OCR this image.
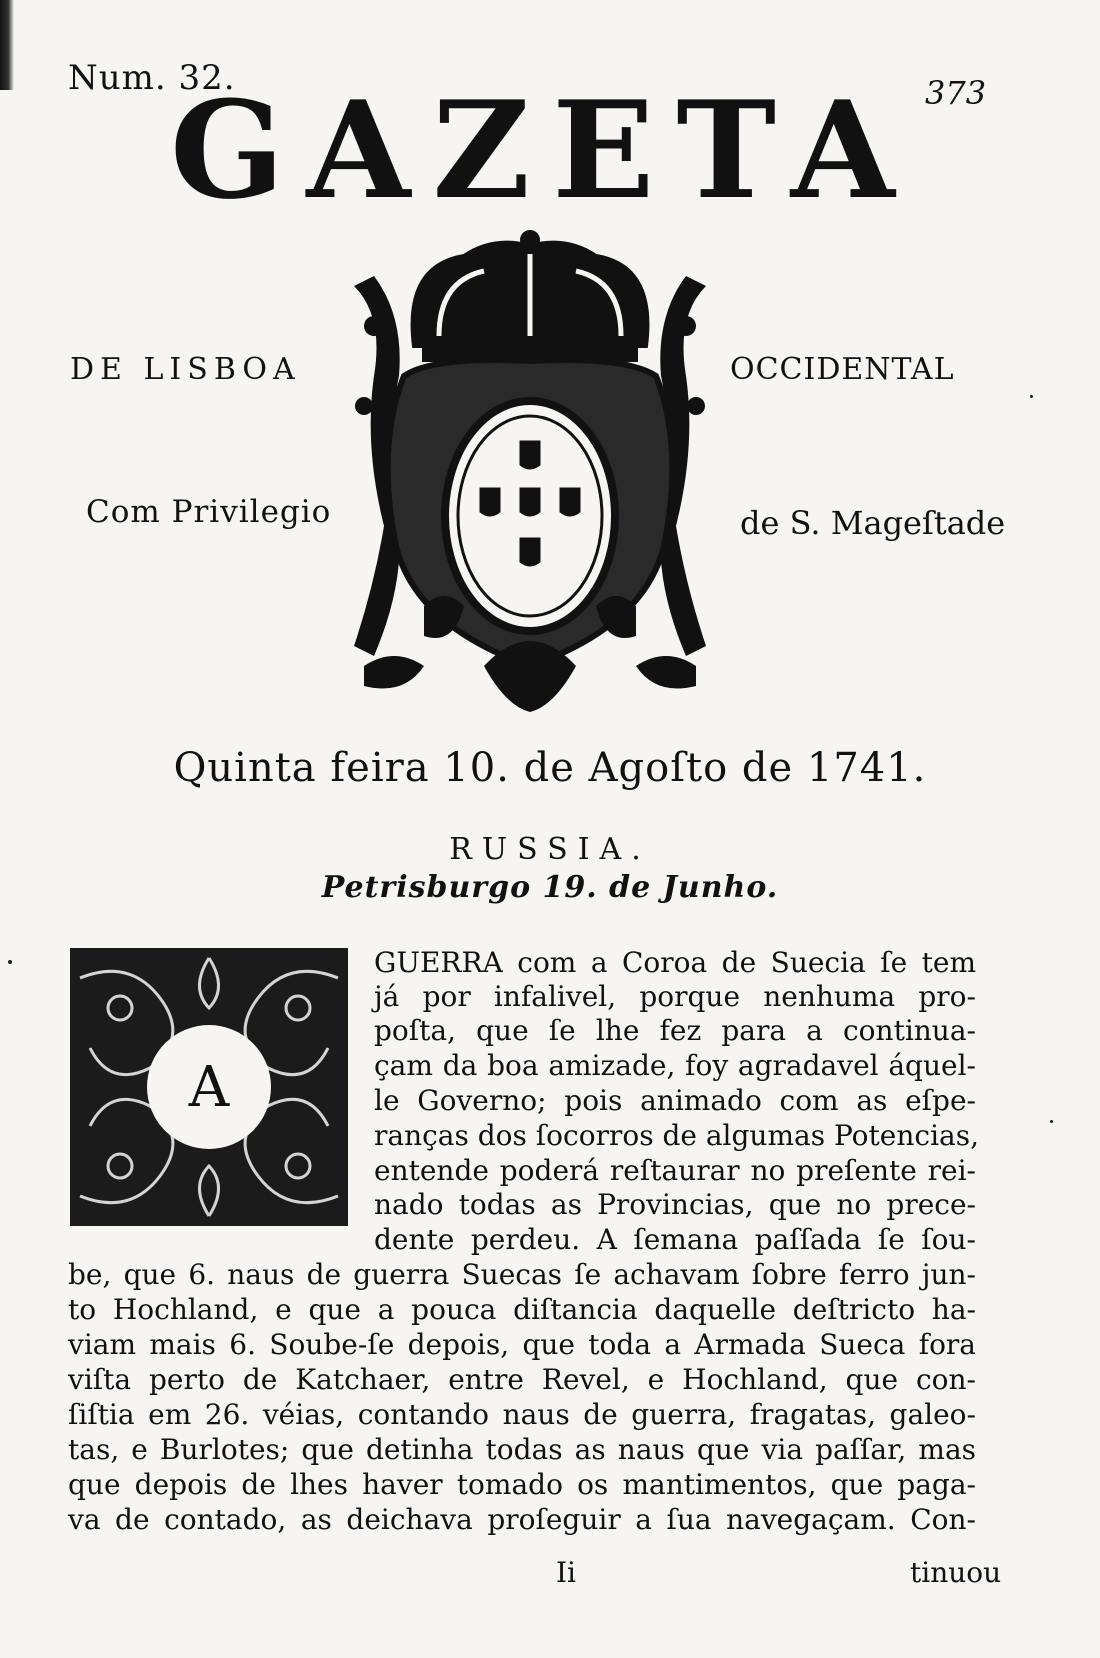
Num. 32.	373
GAZETA
DE LISBOA	OCCIDENTAL
Com Privilegio	de S. Mageſtade
Quinta feira 10. de Agoſto de 1741.
RUSSIA.
Petrisburgo 19. de Junho.
A
GUERRA com a Coroa de Suecia ſe tem
já por infalivel, porque nenhuma pro-
poſta, que ſe lhe fez para a continua-
çam da boa amizade, foy agradavel áquel-
le Governo; pois animado com as eſpe-
ranças dos ſocorros de algumas Potencias,
entende poderá reſtaurar no preſente rei-
nado todas as Provincias, que no prece-
dente perdeu. A ſemana paſſada ſe ſou-
be, que 6. naus de guerra Suecas ſe achavam ſobre ferro jun-
to Hochland, e que a pouca diſtancia daquelle deſtricto ha-
viam mais 6. Soube-ſe depois, que toda a Armada Sueca fora
viſta perto de Katchaer, entre Revel, e Hochland, que con-
ſiſtia em 26. véias, contando naus de guerra, fragatas, galeo-
tas, e Burlotes; que detinha todas as naus que via paſſar, mas
que depois de lhes haver tomado os mantimentos, que paga-
va de contado, as deichava proſeguir a ſua navegaçam. Con-
Ii	tinuou
